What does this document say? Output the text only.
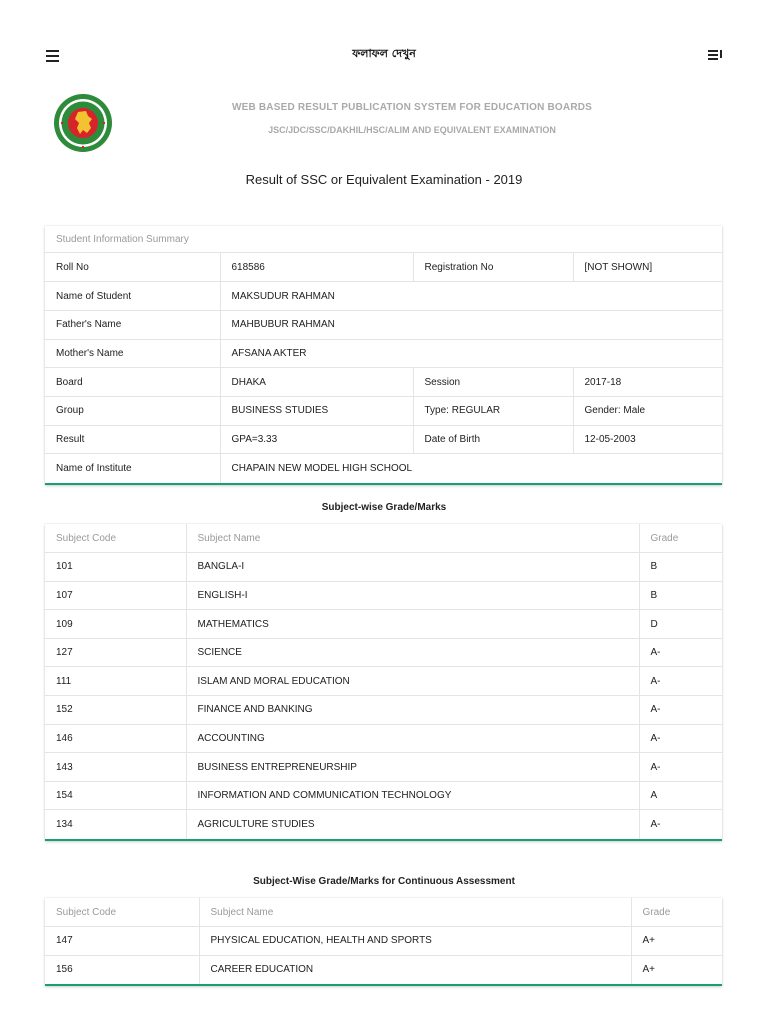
ফলাফল দেখুন
WEB BASED RESULT PUBLICATION SYSTEM FOR EDUCATION BOARDS
JSC/JDC/SSC/DAKHIL/HSC/ALIM AND EQUIVALENT EXAMINATION
Result of SSC or Equivalent Examination - 2019
Student Information Summary
Roll No	618586	Registration No	[NOT SHOWN]
Name of Student	MAKSUDUR RAHMAN		
Father's Name	MAHBUBUR RAHMAN		
Mother's Name	AFSANA AKTER		
Board	DHAKA	Session	2017-18
Group	BUSINESS STUDIES	Type: REGULAR	Gender: Male
Result	GPA=3.33	Date of Birth	12-05-2003
Name of Institute	CHAPAIN NEW MODEL HIGH SCHOOL		
Subject-wise Grade/Marks
Subject Code	Subject Name	Grade
101	BANGLA-I	B
107	ENGLISH-I	B
109	MATHEMATICS	D
127	SCIENCE	A-
111	ISLAM AND MORAL EDUCATION	A-
152	FINANCE AND BANKING	A-
146	ACCOUNTING	A-
143	BUSINESS ENTREPRENEURSHIP	A-
154	INFORMATION AND COMMUNICATION TECHNOLOGY	A
134	AGRICULTURE STUDIES	A-
Subject-Wise Grade/Marks for Continuous Assessment
Subject Code	Subject Name	Grade
147	PHYSICAL EDUCATION, HEALTH AND SPORTS	A+
156	CAREER EDUCATION	A+
